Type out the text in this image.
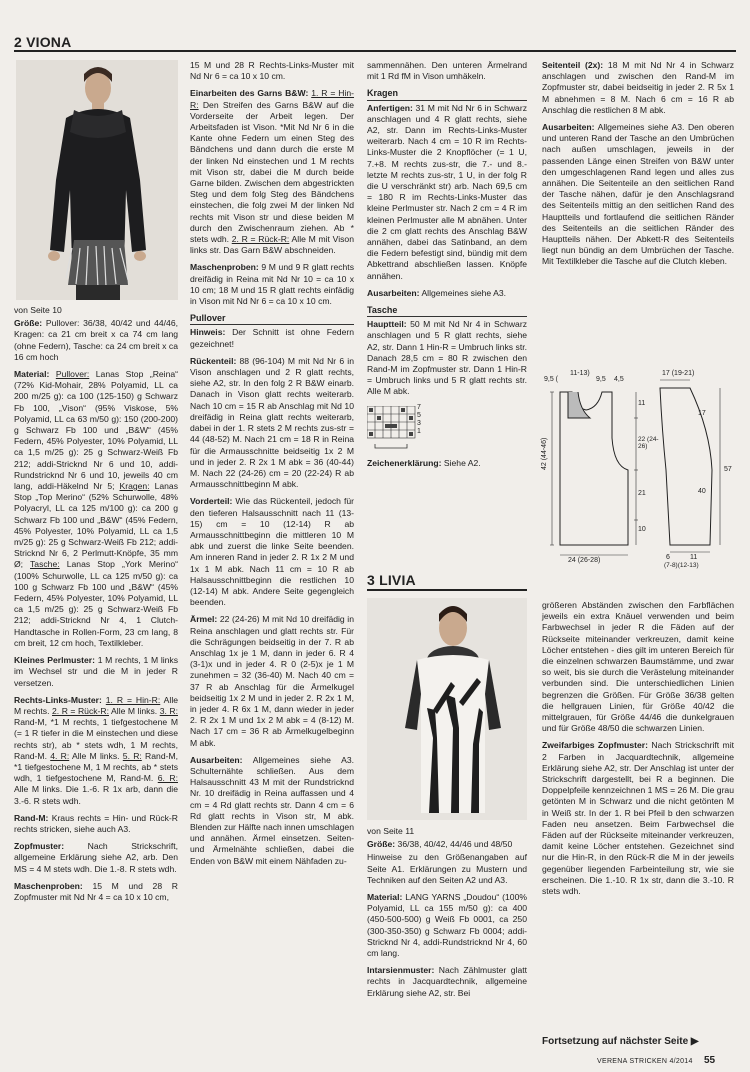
2 VIONA

von Seite 10

Größe: Pullover: 36/38, 40/42 und 44/46, Kragen: ca 21 cm breit x ca 74 cm lang (ohne Federn), Tasche: ca 24 cm breit x ca 16 cm hoch

Material: Pullover: Lanas Stop „Reina“ (72% Kid-Mohair, 28% Polyamid, LL ca 200 m/25 g): ca 100 (125-150) g Schwarz Fb 100, „Vison“ (95% Viskose, 5% Polyamid, LL ca 63 m/50 g): 150 (200-200) g Schwarz Fb 100 und „B&W“ (45% Federn, 45% Polyester, 10% Polyamid, LL ca 1,5 m/25 g): 25 g Schwarz-Weiß Fb 212; addi-Stricknd Nr 6 und 10, addi-Rundstricknd Nr 6 und 10, jeweils 40 cm lang, addi-Häkelnd Nr 5; Kragen: Lanas Stop „Top Merino“ (52% Schurwolle, 48% Polyacryl, LL ca 125 m/100 g): ca 200 g Schwarz Fb 100 und „B&W“ (45% Federn, 45% Polyester, 10% Polyamid, LL ca 1,5 m/25 g): 25 g Schwarz-Weiß Fb 212; addi-Stricknd Nr 6, 2 Perlmutt-Knöpfe, 35 mm Ø; Tasche: Lanas Stop „York Merino“ (100% Schurwolle, LL ca 125 m/50 g): ca 100 g Schwarz Fb 100 und „B&W“ (45% Federn, 45% Polyester, 10% Polyamid, LL ca 1,5 m/25 g): 25 g Schwarz-Weiß Fb 212; addi-Stricknd Nr 4, 1 Clutch-Handtasche in Rollen-Form, 23 cm lang, 8 cm breit, 12 cm hoch, Textilkleber.

Kleines Perlmuster: 1 M rechts, 1 M links im Wechsel str und die M in jeder R versetzen.

Rechts-Links-Muster: 1. R = Hin-R: Alle M rechts. 2. R = Rück-R: Alle M links. 3. R: Rand-M, *1 M rechts, 1 tiefgestochene M (= 1 R tiefer in die M einstechen und diese rechts str), ab * stets wdh, 1 M rechts, Rand-M. 4. R: Alle M links. 5. R: Rand-M, *1 tiefgestochene M, 1 M rechts, ab * stets wdh, 1 tiefgestochene M, Rand-M. 6. R: Alle M links. Die 1.-6. R 1x arb, dann die 3.-6. R stets wdh.

Rand-M: Kraus rechts = Hin- und Rück-R rechts stricken, siehe auch A3.

Zopfmuster: Nach Strickschrift, allgemeine Erklärung siehe A2, arb. Den MS = 4 M stets wdh. Die 1.-8. R stets wdh.

Maschenproben: 15 M und 28 R Zopfmuster mit Nd Nr 4 = ca 10 x 10 cm,

15 M und 28 R Rechts-Links-Muster mit Nd Nr 6 = ca 10 x 10 cm.

Einarbeiten des Garns B&W: 1. R = Hin-R: Den Streifen des Garns B&W auf die Vorderseite der Arbeit legen. Der Arbeitsfaden ist Vison. *Mit Nd Nr 6 in die Kante ohne Federn um einen Steg des Bändchens und dann durch die erste M der linken Nd einstechen und 1 M rechts mit Vison str, dabei die M durch beide Garne bilden. Zwischen dem abgestrickten Steg und dem folg Steg des Bändchens einstechen, die folg zwei M der linken Nd rechts mit Vison str und diese beiden M durch den Zwischenraum ziehen. Ab * stets wdh. 2. R = Rück-R: Alle M mit Vison links str. Das Garn B&W abschneiden.

Maschenproben: 9 M und 9 R glatt rechts dreifädig in Reina mit Nd Nr 10 = ca 10 x 10 cm; 18 M und 15 R glatt rechts einfädig in Vison mit Nd Nr 6 = ca 10 x 10 cm.

Pullover

Hinweis: Der Schnitt ist ohne Federn gezeichnet!

Rückenteil: 88 (96-104) M mit Nd Nr 6 in Vison anschlagen und 2 R glatt rechts, siehe A2, str. In den folg 2 R B&W einarb. Danach in Vison glatt rechts weiterarb. Nach 10 cm = 15 R ab Anschlag mit Nd 10 dreifädig in Reina glatt rechts weiterarb, dabei in der 1. R stets 2 M rechts zus-str = 44 (48-52) M. Nach 21 cm = 18 R in Reina für die Armausschnitte beidseitig 1x 2 M und in jeder 2. R 2x 1 M abk = 36 (40-44) M. Nach 22 (24-26) cm = 20 (22-24) R ab Armausschnittbeginn M abk.

Vorderteil: Wie das Rückenteil, jedoch für den tieferen Halsausschnitt nach 11 (13-15) cm = 10 (12-14) R ab Armausschnittbeginn die mittleren 10 M abk und zuerst die linke Seite beenden. Am inneren Rand in jeder 2. R 1x 2 M und 1x 1 M abk. Nach 11 cm = 10 R ab Halsausschnittbeginn die restlichen 10 (12-14) M abk. Andere Seite gegengleich beenden.

Ärmel: 22 (24-26) M mit Nd 10 dreifädig in Reina anschlagen und glatt rechts str. Für die Schrägungen beidseitig in der 7. R ab Anschlag 1x je 1 M, dann in jeder 6. R 4 (3-1)x und in jeder 4. R 0 (2-5)x je 1 M zunehmen = 32 (36-40) M. Nach 40 cm = 37 R ab Anschlag für die Ärmelkugel beidseitig 1x 2 M und in jeder 2. R 2x 1 M, in jeder 4. R 6x 1 M, dann wieder in jeder 2. R 2x 1 M und 1x 2 M abk = 4 (8-12) M. Nach 17 cm = 36 R ab Ärmelkugelbeginn M abk.

Ausarbeiten: Allgemeines siehe A3. Schulternähte schließen. Aus dem Halsausschnitt 43 M mit der Rundstricknd Nr. 10 dreifädig in Reina auffassen und 4 cm = 4 Rd glatt rechts str. Dann 4 cm = 6 Rd glatt rechts in Vison str, M abk. Blenden zur Hälfte nach innen umschlagen und annähen. Ärmel einsetzen. Seiten- und Ärmelnähte schließen, dabei die Enden von B&W mit einem Nähfaden zu-

sammennähen. Den unteren Ärmelrand mit 1 Rd fM in Vison umhäkeln.

Kragen

Anfertigen: 31 M mit Nd Nr 6 in Schwarz anschlagen und 4 R glatt rechts, siehe A2, str. Dann im Rechts-Links-Muster weiterarb. Nach 4 cm = 10 R im Rechts-Links-Muster die 2 Knopflöcher (= 1 U, 7.+8. M rechts zus-str, die 7.- und 8.-letzte M rechts zus-str, 1 U, in der folg R die U verschränkt str) arb. Nach 69,5 cm = 180 R im Rechts-Links-Muster das kleine Perlmuster str. Nach 2 cm = 4 R im kleinen Perlmuster alle M abnähen. Unter die 2 cm glatt rechts des Anschlag B&W annähen, dabei das Satinband, an dem die Federn befestigt sind, bündig mit dem Abkettrand abschließen lassen. Knöpfe annähen.

Ausarbeiten: Allgemeines siehe A3.

Tasche

Hauptteil: 50 M mit Nd Nr 4 in Schwarz anschlagen und 5 R glatt rechts, siehe A2, str. Dann 1 Hin-R = Umbruch links str. Danach 28,5 cm = 80 R zwischen den Rand-M im Zopfmuster str. Dann 1 Hin-R = Umbruch links und 5 R glatt rechts str. Alle M abk.

7
5
3
1

Zeichenerklärung: Siehe A2.

Seitenteil (2x): 18 M mit Nd Nr 4 in Schwarz anschlagen und zwischen den Rand-M im Zopfmuster str, dabei beidseitig in jeder 2. R 5x 1 M abnehmen = 8 M. Nach 6 cm = 16 R ab Anschlag die restlichen 8 M abk.

Ausarbeiten: Allgemeines siehe A3. Den oberen und unteren Rand der Tasche an den Umbrüchen nach außen umschlagen, jeweils in der passenden Länge einen Streifen von B&W unter den umgeschlagenen Rand legen und alles zus annähen. Die Seitenteile an den seitlichen Rand der Tasche nähen, dafür je den Anschlagsrand des Seitenteils mittig an den seitlichen Rand des Hauptteils und fortlaufend die seitlichen Ränder des Seitenteils an die seitlichen Ränder des Hauptteils nähen. Der Abkett-R des Seitenteils liegt nun bündig an dem Umbrüchen der Tasche. Mit Textilkleber die Tasche auf die Clutch kleben.

9,5 (
11-13)
9,5 4,5
42 (44-46)
11
22 (24-26)
21
10
24 (26-28)
17 (19-21)
17
40
57
6	11
(7-8)(12-13)
3 LIVIA

von Seite 11

Größe: 36/38, 40/42, 44/46 und 48/50

Hinweise zu den Größenangaben auf Seite A1. Erklärungen zu Mustern und Techniken auf den Seiten A2 und A3.

Material: LANG YARNS „Doudou“ (100% Polyamid, LL ca 155 m/50 g): ca 400 (450-500-500) g Weiß Fb 0001, ca 250 (300-350-350) g Schwarz Fb 0004; addi-Stricknd Nr 4, addi-Rundstricknd Nr 4, 60 cm lang.

Intarsienmuster: Nach Zählmuster glatt rechts in Jacquardtechnik, allgemeine Erklärung siehe A2, str. Bei

größeren Abständen zwischen den Farbflächen jeweils ein extra Knäuel verwenden und beim Farbwechsel in jeder R die Fäden auf der Rückseite miteinander verkreuzen, damit keine Löcher entstehen - dies gilt im unteren Bereich für die einzelnen schwarzen Baumstämme, und zwar so weit, bis sie durch die Verästelung miteinander verbunden sind. Die unterschiedlichen Linien begrenzen die Größen. Für Größe 36/38 gelten die hellgrauen Linien, für Größe 40/42 die mittelgrauen, für Größe 44/46 die dunkelgrauen und für Größe 48/50 die schwarzen Linien.

Zweifarbiges Zopfmuster: Nach Strickschrift mit 2 Farben in Jacquardtechnik, allgemeine Erklärung siehe A2, str. Der Anschlag ist unter der Strickschrift dargestellt, bei R a beginnen. Die Doppelpfeile kennzeichnen 1 MS = 26 M. Die grau getönten M in Schwarz und die nicht getönten M in Weiß str. In der 1. R bei Pfeil b den schwarzen Faden neu ansetzen. Beim Farbwechsel die Fäden auf der Rückseite miteinander verkreuzen, damit keine Löcher entstehen. Gezeichnet sind nur die Hin-R, in den Rück-R die M in der jeweils gegenüber liegenden Farbeinteilung str, wie sie erscheinen. Die 1.-10. R 1x str, dann die 3.-10. R stets wdh.

Fortsetzung auf nächster Seite ▶
VERENA STRICKEN 4/2014 55
